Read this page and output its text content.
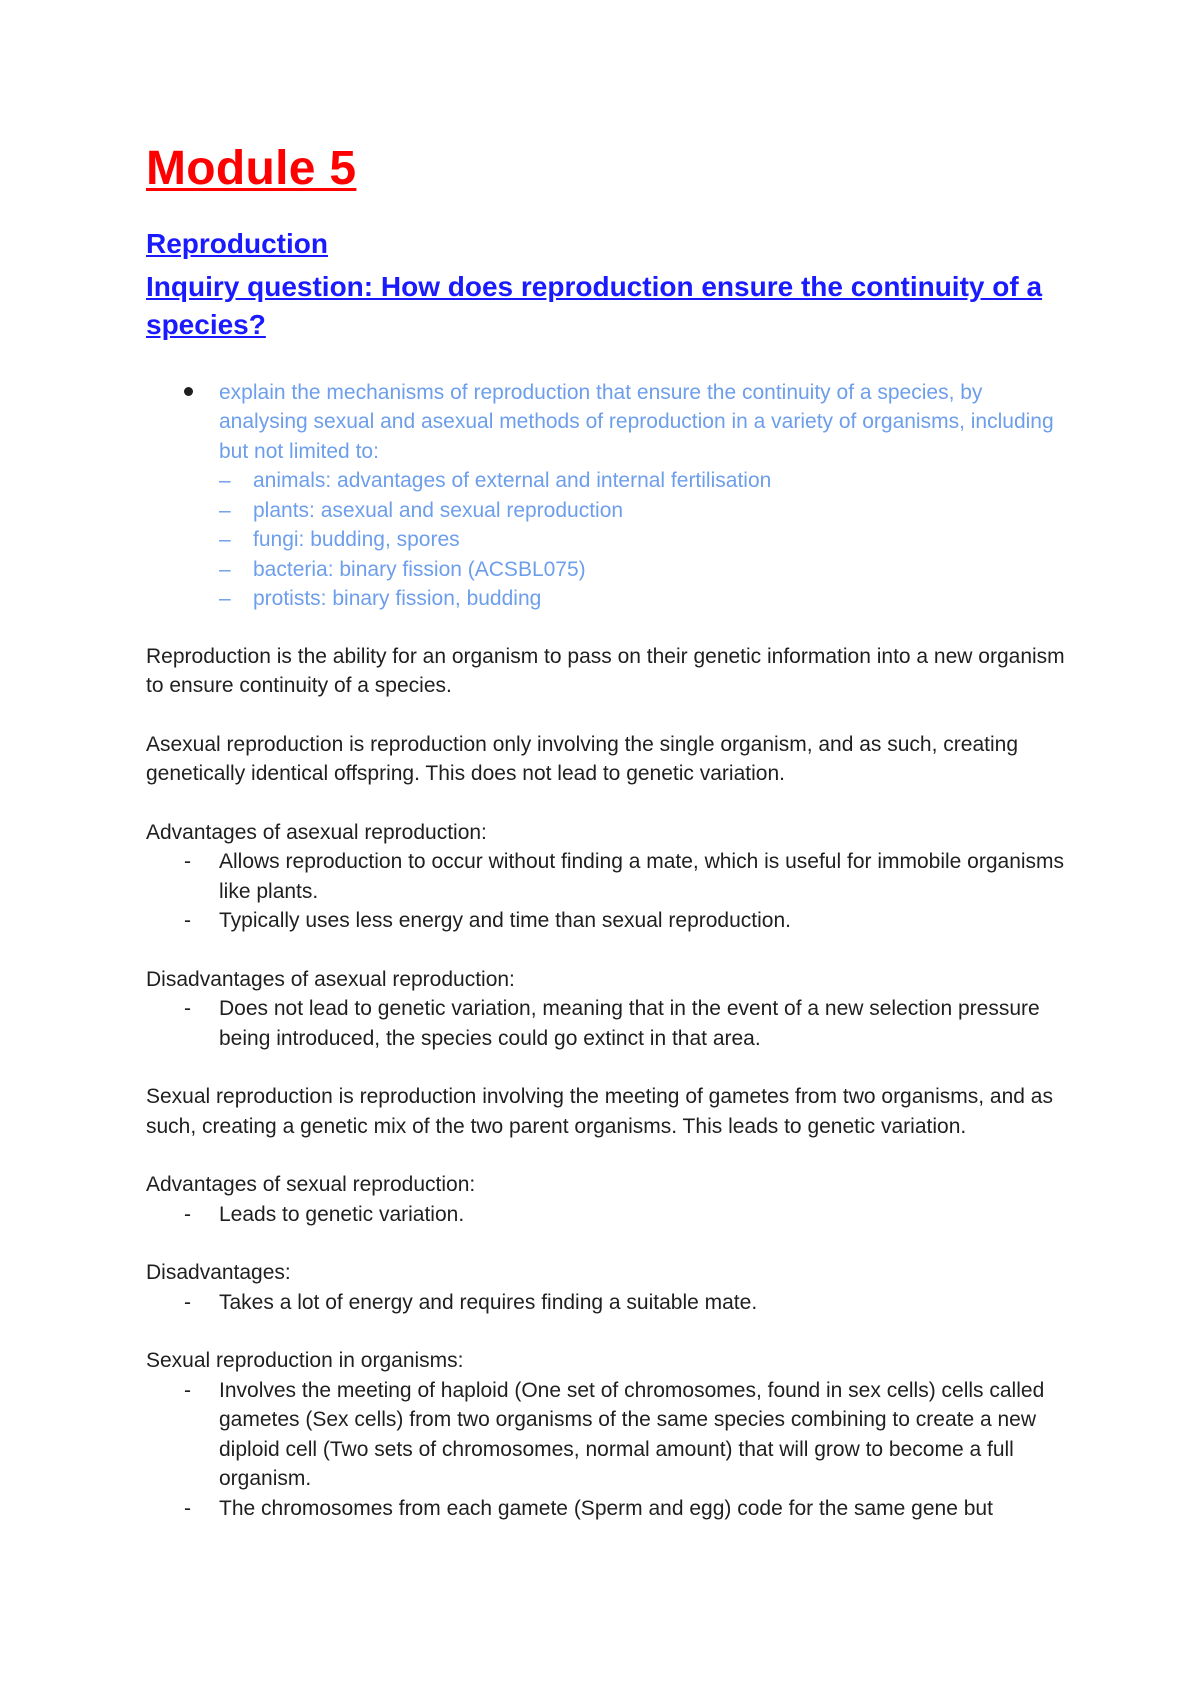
Module 5
Reproduction
Inquiry question: How does reproduction ensure the continuity of a species?
explain the mechanisms of reproduction that ensure the continuity of a species, by analysing sexual and asexual methods of reproduction in a variety of organisms, including but not limited to:
– animals: advantages of external and internal fertilisation
– plants: asexual and sexual reproduction
– fungi: budding, spores
– bacteria: binary fission (ACSBL075)
– protists: binary fission, budding

Reproduction is the ability for an organism to pass on their genetic information into a new organism to ensure continuity of a species.

Asexual reproduction is reproduction only involving the single organism, and as such, creating genetically identical offspring. This does not lead to genetic variation.

Advantages of asexual reproduction:

- Allows reproduction to occur without finding a mate, which is useful for immobile organisms like plants.
- Typically uses less energy and time than sexual reproduction.

Disadvantages of asexual reproduction:

- Does not lead to genetic variation, meaning that in the event of a new selection pressure being introduced, the species could go extinct in that area.

Sexual reproduction is reproduction involving the meeting of gametes from two organisms, and as such, creating a genetic mix of the two parent organisms. This leads to genetic variation.

Advantages of sexual reproduction:

- Leads to genetic variation.

Disadvantages:

- Takes a lot of energy and requires finding a suitable mate.

Sexual reproduction in organisms:

- Involves the meeting of haploid (One set of chromosomes, found in sex cells) cells called gametes (Sex cells) from two organisms of the same species combining to create a new diploid cell (Two sets of chromosomes, normal amount) that will grow to become a full organism.
- The chromosomes from each gamete (Sperm and egg) code for the same gene but
